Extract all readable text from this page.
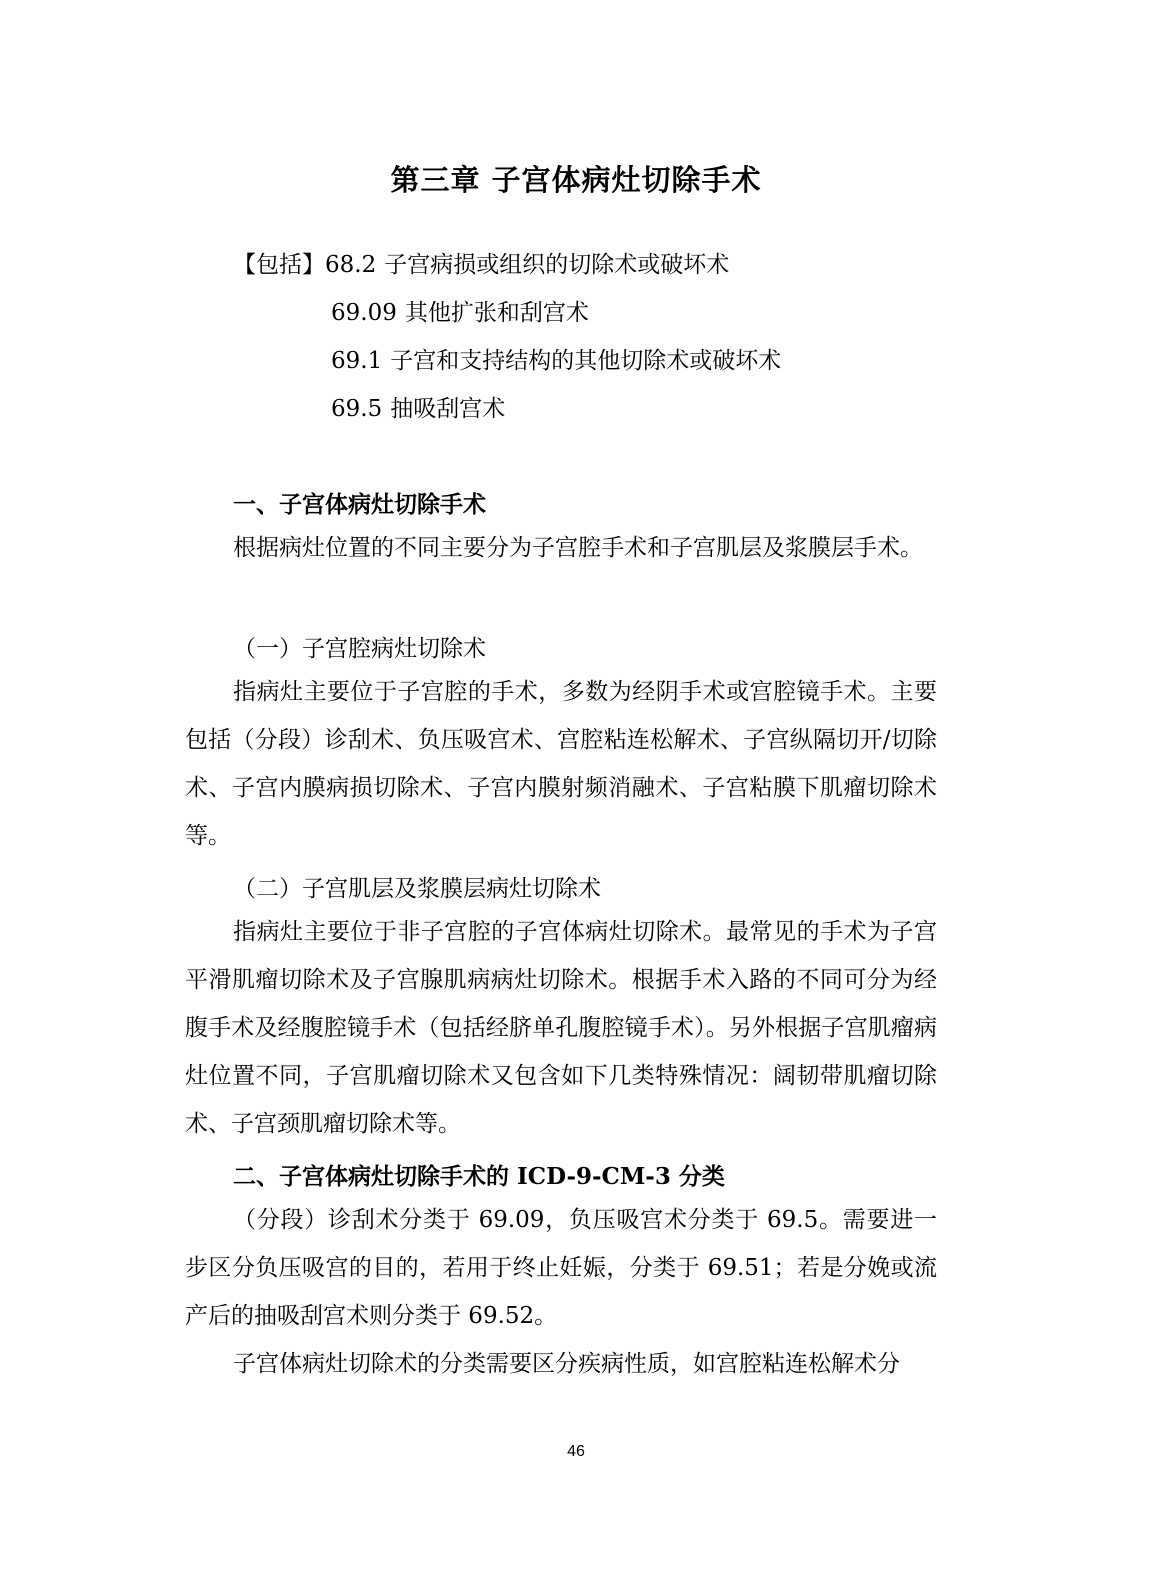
第三章 子宫体病灶切除手术
【包括】68.2 子宫病损或组织的切除术或破坏术
69.09 其他扩张和刮宫术
69.1 子宫和支持结构的其他切除术或破坏术
69.5 抽吸刮宫术
一、子宫体病灶切除手术
根据病灶位置的不同主要分为子宫腔手术和子宫肌层及浆膜层手术。
（一）子宫腔病灶切除术
指病灶主要位于子宫腔的手术，多数为经阴手术或宫腔镜手术。主要包括（分段）诊刮术、负压吸宫术、宫腔粘连松解术、子宫纵隔切开/切除术、子宫内膜病损切除术、子宫内膜射频消融术、子宫粘膜下肌瘤切除术等。
（二）子宫肌层及浆膜层病灶切除术
指病灶主要位于非子宫腔的子宫体病灶切除术。最常见的手术为子宫平滑肌瘤切除术及子宫腺肌病病灶切除术。根据手术入路的不同可分为经腹手术及经腹腔镜手术（包括经脐单孔腹腔镜手术）。另外根据子宫肌瘤病灶位置不同，子宫肌瘤切除术又包含如下几类特殊情况：阔韧带肌瘤切除术、子宫颈肌瘤切除术等。
二、子宫体病灶切除手术的 ICD-9-CM-3 分类
（分段）诊刮术分类于 69.09，负压吸宫术分类于 69.5。需要进一步区分负压吸宫的目的，若用于终止妊娠，分类于 69.51；若是分娩或流产后的抽吸刮宫术则分类于 69.52。
子宫体病灶切除术的分类需要区分疾病性质，如宫腔粘连松解术分
46
